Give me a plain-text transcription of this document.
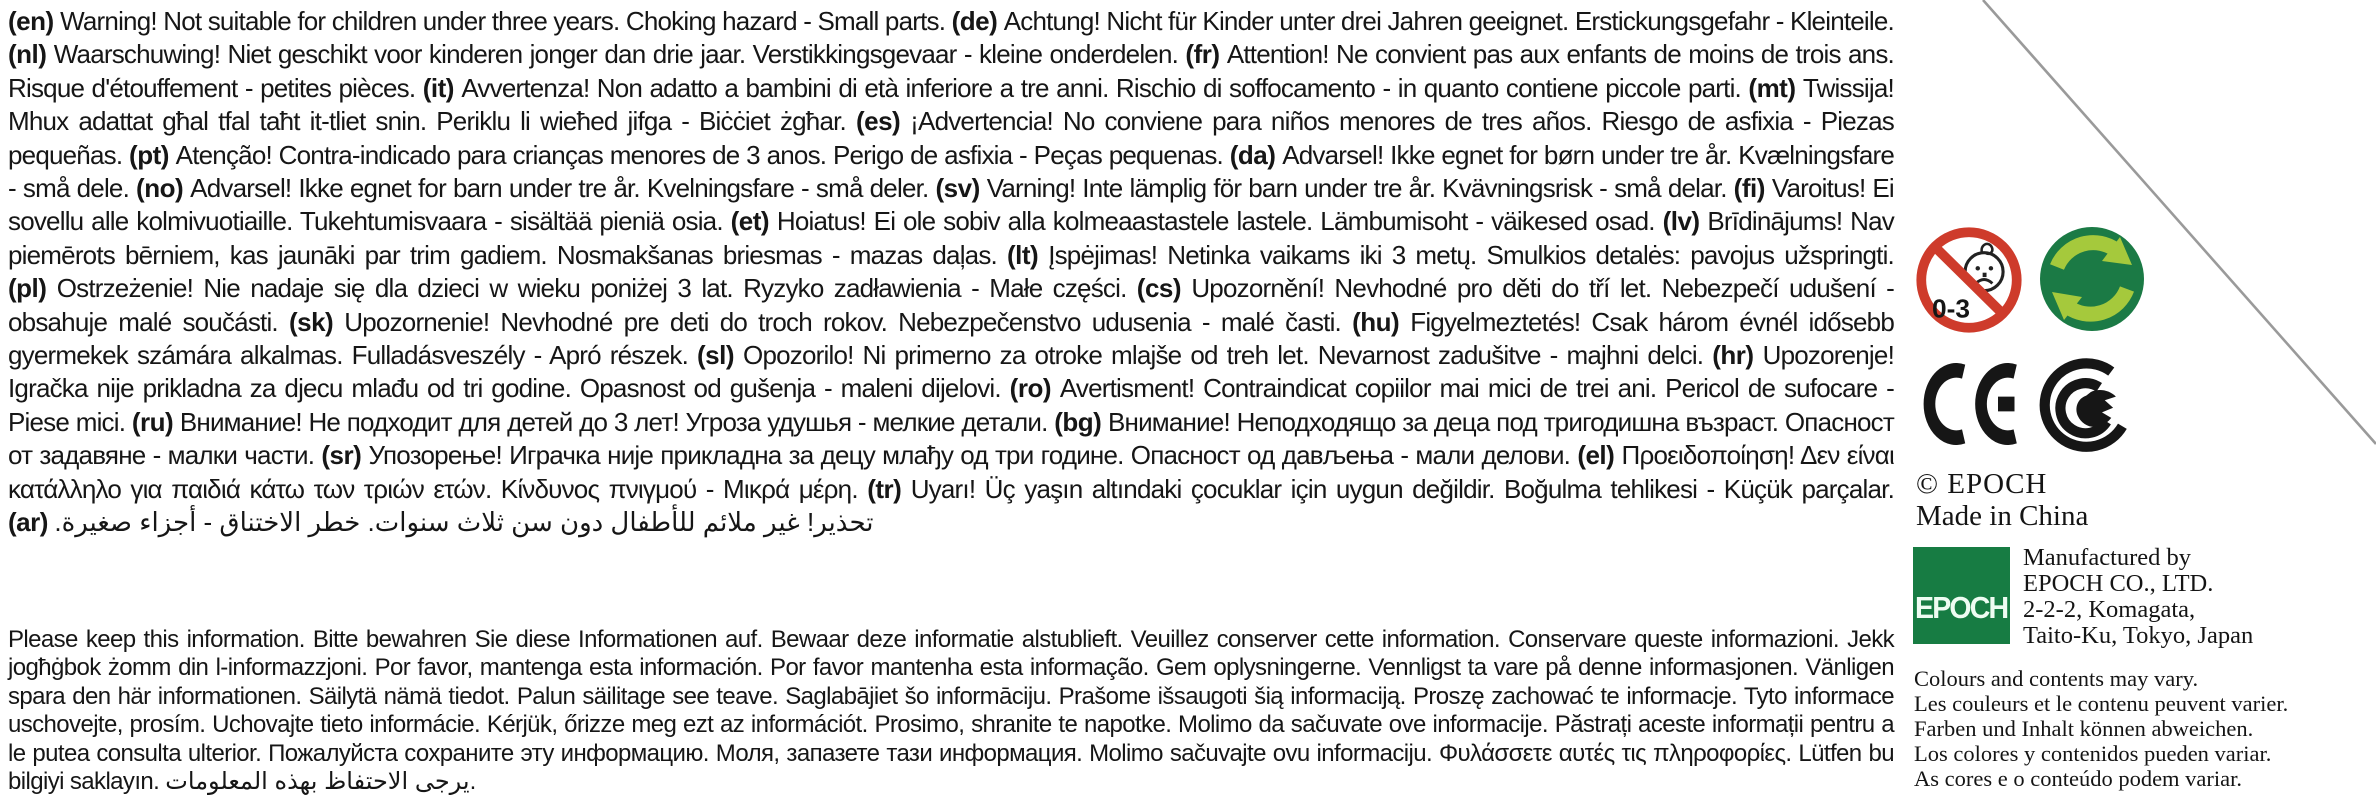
(en) Warning! Not suitable for children under three years. Choking hazard - Small parts. (de) Achtung! Nicht für Kinder unter drei Jahren geeignet. Erstickungsgefahr - Kleinteile. (nl) Waarschuwing! Niet geschikt voor kinderen jonger dan drie jaar. Verstikkingsgevaar - kleine onderdelen. (fr) Attention! Ne convient pas aux enfants de moins de trois ans. Risque d'étouffement - petites pièces. (it) Avvertenza! Non adatto a bambini di età inferiore a tre anni. Rischio di soffocamento - in quanto contiene piccole parti. (mt) Twissija! Mhux adattat għal tfal taħt it-tliet snin. Periklu li wieħed jifga - Biċċiet żgħar. (es) ¡Advertencia! No conviene para niños menores de tres años. Riesgo de asfixia - Piezas pequeñas. (pt) Atenção! Contra-indicado para crianças menores de 3 anos. Perigo de asfixia - Peças pequenas. (da) Advarsel! Ikke egnet for børn under tre år. Kvælningsfare - små dele. (no) Advarsel! Ikke egnet for barn under tre år. Kvelningsfare - små deler. (sv) Varning! Inte lämplig för barn under tre år. Kvävningsrisk - små delar. (fi) Varoitus! Ei sovellu alle kolmivuotiaille. Tukehtumisvaara - sisältää pieniä osia. (et) Hoiatus! Ei ole sobiv alla kolmeaastastele lastele. Lämbumisoht - väikesed osad. (lv) Brīdinājums! Nav piemērots bērniem, kas jaunāki par trim gadiem. Nosmakšanas briesmas - mazas daļas. (lt) Įspėjimas! Netinka vaikams iki 3 metų. Smulkios detalės: pavojus užspringti. (pl) Ostrzeżenie! Nie nadaje się dla dzieci w wieku poniżej 3 lat. Ryzyko zadławienia - Małe części. (cs) Upozornění! Nevhodné pro děti do tří let. Nebezpečí udušení - obsahuje malé součásti. (sk) Upozornenie! Nevhodné pre deti do troch rokov. Nebezpečenstvo udusenia - malé časti. (hu) Figyelmeztetés! Csak három évnél idősebb gyermekek számára alkalmas. Fulladásveszély - Apró részek. (sl) Opozorilo! Ni primerno za otroke mlajše od treh let. Nevarnost zadušitve - majhni delci. (hr) Upozorenje! Igračka nije prikladna za djecu mlađu od tri godine. Opasnost od gušenja - maleni dijelovi. (ro) Avertisment! Contraindicat copiilor mai mici de trei ani. Pericol de sufocare - Piese mici. (ru) Внимание! Не подходит для детей до 3 лет! Угроза удушья - мелкие детали. (bg) Внимание! Неподходящо за деца под тригодишна възраст. Опасност от задавяне - малки части. (sr) Упозорење! Играчка није прикладна за децу млађу од три године. Опасност од дављења - мали делови. (el) Προειδοποίηση! Δεν είναι κατάλληλο για παιδιά κάτω των τριών ετών. Κίνδυνος πνιγμού - Μικρά μέρη. (tr) Uyarı! Üç yaşın altındaki çocuklar için uygun değildir. Boğulma tehlikesi - Küçük parçalar. (ar) تحذير! غير ملائم للأطفال دون سن ثلاث سنوات. خطر الاختناق - أجزاء صغيرة.
Please keep this information. Bitte bewahren Sie diese Informationen auf. Bewaar deze informatie alstublieft. Veuillez conserver cette information. Conservare queste informazioni. Jekk jogħġbok żomm din l-informazzjoni. Por favor, mantenga esta información. Por favor mantenha esta informação. Gem oplysningerne. Vennligst ta vare på denne informasjonen. Vänligen spara den här informationen. Säilytä nämä tiedot. Palun säilitage see teave. Saglabājiet šo informāciju. Prašome išsaugoti šią informaciją. Proszę zachować te informacje. Tyto informace uschovejte, prosím. Uchovajte tieto informácie. Kérjük, őrizze meg ezt az információt. Prosimo, shranite te napotke. Molimo da sačuvate ove informacije. Păstrați aceste informații pentru a le putea consulta ulterior. Пожалуйста сохраните эту информацию. Моля, запазете тази информация. Molimo sačuvajte ovu informaciju. Φυλάσσετε αυτές τις πληροφορίες. Lütfen bu bilgiyi saklayın. يرجى الاحتفاظ بهذه المعلومات.
0-3
© EPOCH
Made in China
EPOCH
Manufactured by
EPOCH CO., LTD.
2-2-2, Komagata,
Taito-Ku, Tokyo, Japan
Colours and contents may vary.
Les couleurs et le contenu peuvent varier.
Farben und Inhalt können abweichen.
Los colores y contenidos pueden variar.
As cores e o conteúdo podem variar.
